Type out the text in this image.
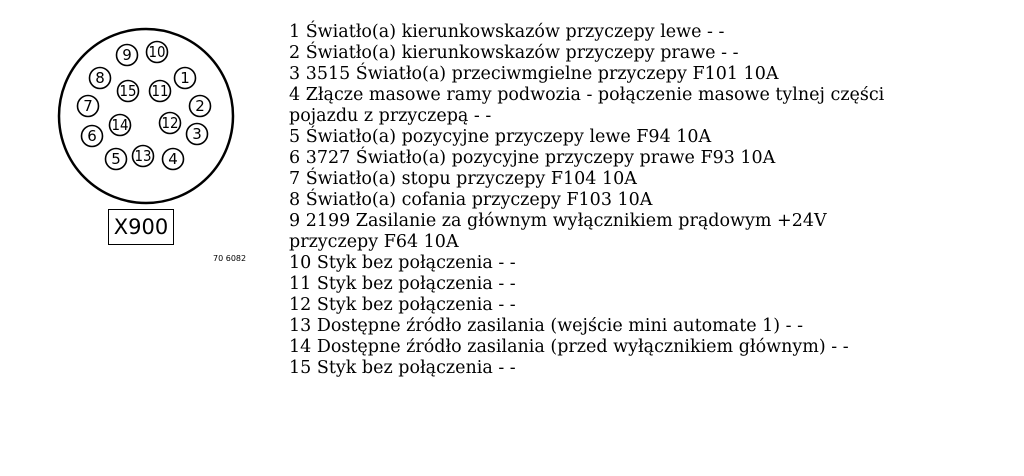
1
2
3
4
5
6
7
8
9 10
11
12
13
14
15
X900
70 6082
1 Światło(a) kierunkowskazów przyczepy lewe - -
2 Światło(a) kierunkowskazów przyczepy prawe - -
3 3515 Światło(a) przeciwmgielne przyczepy F101 10A
4 Złącze masowe ramy podwozia - połączenie masowe tylnej części
pojazdu z przyczepą - -
5 Światło(a) pozycyjne przyczepy lewe F94 10A
6 3727 Światło(a) pozycyjne przyczepy prawe F93 10A
7 Światło(a) stopu przyczepy F104 10A
8 Światło(a) cofania przyczepy F103 10A
9 2199 Zasilanie za głównym wyłącznikiem prądowym +24V
przyczepy F64 10A
10 Styk bez połączenia - -
11 Styk bez połączenia - -
12 Styk bez połączenia - -
13 Dostępne źródło zasilania (wejście mini automate 1) - -
14 Dostępne źródło zasilania (przed wyłącznikiem głównym) - -
15 Styk bez połączenia - -
